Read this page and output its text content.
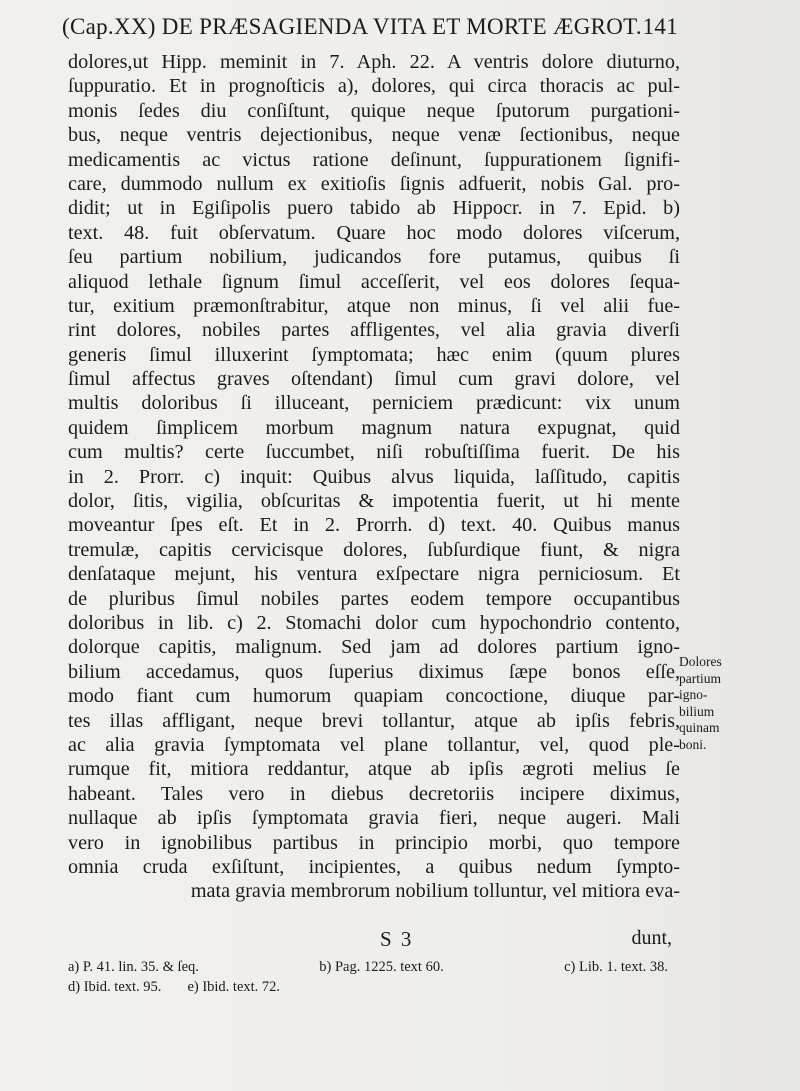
(Cap.XX) DE PRÆSAGIENDA VITA ET MORTE ÆGROT. 141
dolores,ut Hipp. meminit in 7. Aph. 22. A ventris dolore diuturno,
ſuppuratio. Et in prognoſticis a), dolores, qui circa thoracis ac pul-
monis ſedes diu conſiſtunt, quique neque ſputorum purgationi-
bus, neque ventris dejectionibus, neque venæ ſectionibus, neque
medicamentis ac victus ratione deſinunt, ſuppurationem ſignifi-
care, dummodo nullum ex exitioſis ſignis adfuerit, nobis Gal. pro-
didit; ut in Egiſipolis puero tabido ab Hippocr. in 7. Epid. b)
text. 48. fuit obſervatum. Quare hoc modo dolores viſcerum,
ſeu partium nobilium, judicandos fore putamus, quibus ſi
aliquod lethale ſignum ſimul acceſſerit, vel eos dolores ſequa-
tur, exitium præmonſtrabitur, atque non minus, ſi vel alii fue-
rint dolores, nobiles partes affligentes, vel alia gravia diverſi
generis ſimul illuxerint ſymptomata; hæc enim (quum plures
ſimul affectus graves oſtendant) ſimul cum gravi dolore, vel
multis doloribus ſi illuceant, perniciem prædicunt: vix unum
quidem ſimplicem morbum magnum natura expugnat, quid
cum multis? certe ſuccumbet, niſi robuſtiſſima fuerit. De his
in 2. Prorr. c) inquit: Quibus alvus liquida, laſſitudo, capitis
dolor, ſitis, vigilia, obſcuritas & impotentia fuerit, ut hi mente
moveantur ſpes eſt. Et in 2. Prorrh. d) text. 40. Quibus manus
tremulæ, capitis cervicisque dolores, ſubſurdique fiunt, & nigra
denſataque mejunt, his ventura exſpectare nigra perniciosum. Et
de pluribus ſimul nobiles partes eodem tempore occupantibus
doloribus in lib. c) 2. Stomachi dolor cum hypochondrio contento,
dolorque capitis, malignum. Sed jam ad dolores partium igno-
bilium accedamus, quos ſuperius diximus ſæpe bonos eſſe,
modo fiant cum humorum quapiam concoctione, diuque par-
tes illas affligant, neque brevi tollantur, atque ab ipſis febris,
ac alia gravia ſymptomata vel plane tollantur, vel, quod ple-
rumque fit, mitiora reddantur, atque ab ipſis ægroti melius ſe
habeant. Tales vero in diebus decretoriis incipere diximus,
nullaque ab ipſis ſymptomata gravia fieri, neque augeri. Mali
vero in ignobilibus partibus in principio morbi, quo tempore
omnia cruda exſiſtunt, incipientes, a quibus nedum ſympto-
mata gravia membrorum nobilium tolluntur, vel mitiora eva-
Dolores
partium
igno-
bilium
quinam
boni.
S 3	dunt,
a) P. 41. lin. 35. & ſeq.	b) Pag. 1225. text 60.	c) Lib. 1. text. 38.
d) Ibid. text. 95. e) Ibid. text. 72.
